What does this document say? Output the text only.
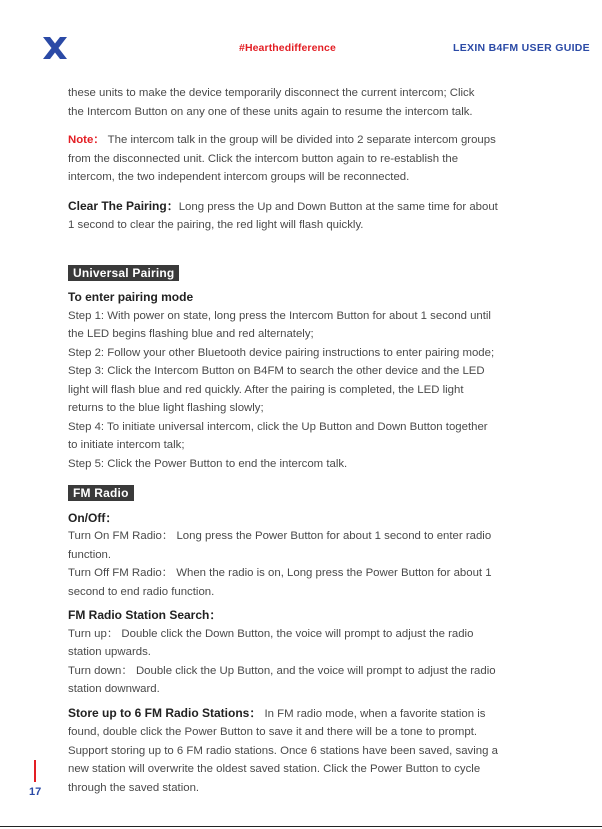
#Hearthedifference	LEXIN B4FM USER GUIDE

these units to make the device temporarily disconnect the current intercom; Click

the Intercom Button on any one of these units again to resume the intercom talk.

Note： The intercom talk in the group will be divided into 2 separate intercom groups

from the disconnected unit. Click the intercom button again to re-establish the

intercom, the two independent intercom groups will be reconnected.

Clear The Pairing：Long press the Up and Down Button at the same time for about

1 second to clear the pairing, the red light will flash quickly.

Universal Pairing

To enter pairing mode

Step 1: With power on state, long press the Intercom Button for about 1 second until

the LED begins flashing blue and red alternately;

Step 2: Follow your other Bluetooth device pairing instructions to enter pairing mode;

Step 3: Click the Intercom Button on B4FM to search the other device and the LED

light will flash blue and red quickly. After the pairing is completed, the LED light

returns to the blue light flashing slowly;

Step 4: To initiate universal intercom, click the Up Button and Down Button together

to initiate intercom talk;

Step 5: Click the Power Button to end the intercom talk.

FM Radio

On/Off：

Turn On FM Radio： Long press the Power Button for about 1 second to enter radio

function.

Turn Off FM Radio： When the radio is on, Long press the Power Button for about 1

second to end radio function.

FM Radio Station Search：

Turn up： Double click the Down Button, the voice will prompt to adjust the radio

station upwards.

Turn down： Double click the Up Button, and the voice will prompt to adjust the radio

station downward.

Store up to 6 FM Radio Stations： In FM radio mode, when a favorite station is

found, double click the Power Button to save it and there will be a tone to prompt.

Support storing up to 6 FM radio stations. Once 6 stations have been saved, saving a

new station will overwrite the oldest saved station. Click the Power Button to cycle

through the saved station.

17
